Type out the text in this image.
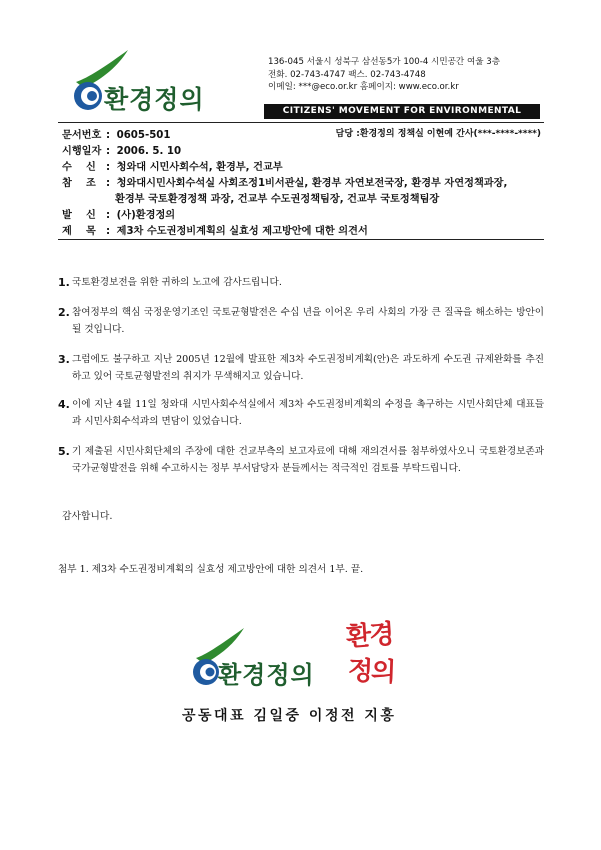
환경정의
136-045 서울시 성북구 삼선동5가 100-4 시민공간 여울 3층
전화. 02-743-4747 팩스. 02-743-4748
이메일: ***@eco.or.kr 홈페이지: www.eco.or.kr
CITIZENS' MOVEMENT FOR ENVIRONMENTAL JUSTICE
문서번호 : 0605-501	담당 :환경정의 정책실 이현예 간사(***-****-****)
시행일자 : 2006. 5. 10
수    신 : 청와대 시민사회수석, 환경부, 건교부
참    조 : 청와대시민사회수석실 사회조정1비서관실, 환경부 자연보전국장, 환경부 자연정책과장,
환경부 국토환경정책 과장, 건교부 수도권정책팀장, 건교부 국토정책팀장
발    신 : (사)환경정의
제    목 : 제3차 수도권정비계획의 실효성 제고방안에 대한 의견서
1. 국토환경보전을 위한 귀하의 노고에 감사드립니다.
2. 참여정부의 핵심 국정운영기조인 국토균형발전은 수십 년을 이어온 우리 사회의 가장 큰 질곡을 해소하는 방안이 될 것입니다.
3. 그럼에도 불구하고 지난 2005년 12월에 발표한 제3차 수도권정비계획(안)은 과도하게 수도권 규제완화를 추진하고 있어 국토균형발전의 취지가 무색해지고 있습니다.
4. 이에 지난 4월 11일 청와대 시민사회수석실에서 제3차 수도권정비계획의 수정을 촉구하는 시민사회단체 대표들과 시민사회수석과의 면담이 있었습니다.
5. 기 제출된 시민사회단체의 주장에 대한 건교부측의 보고자료에 대해 재의견서를 첨부하였사오니 국토환경보존과 국가균형발전을 위해 수고하시는 정부 부서담당자 분들께서는 적극적인 검토를 부탁드립니다.
감사합니다.
첨부 1. 제3차 수도권정비계획의 실효성 제고방안에 대한 의견서 1부. 끝.
환경정의
환경
정의
공동대표 김일중 이정전 지홍
